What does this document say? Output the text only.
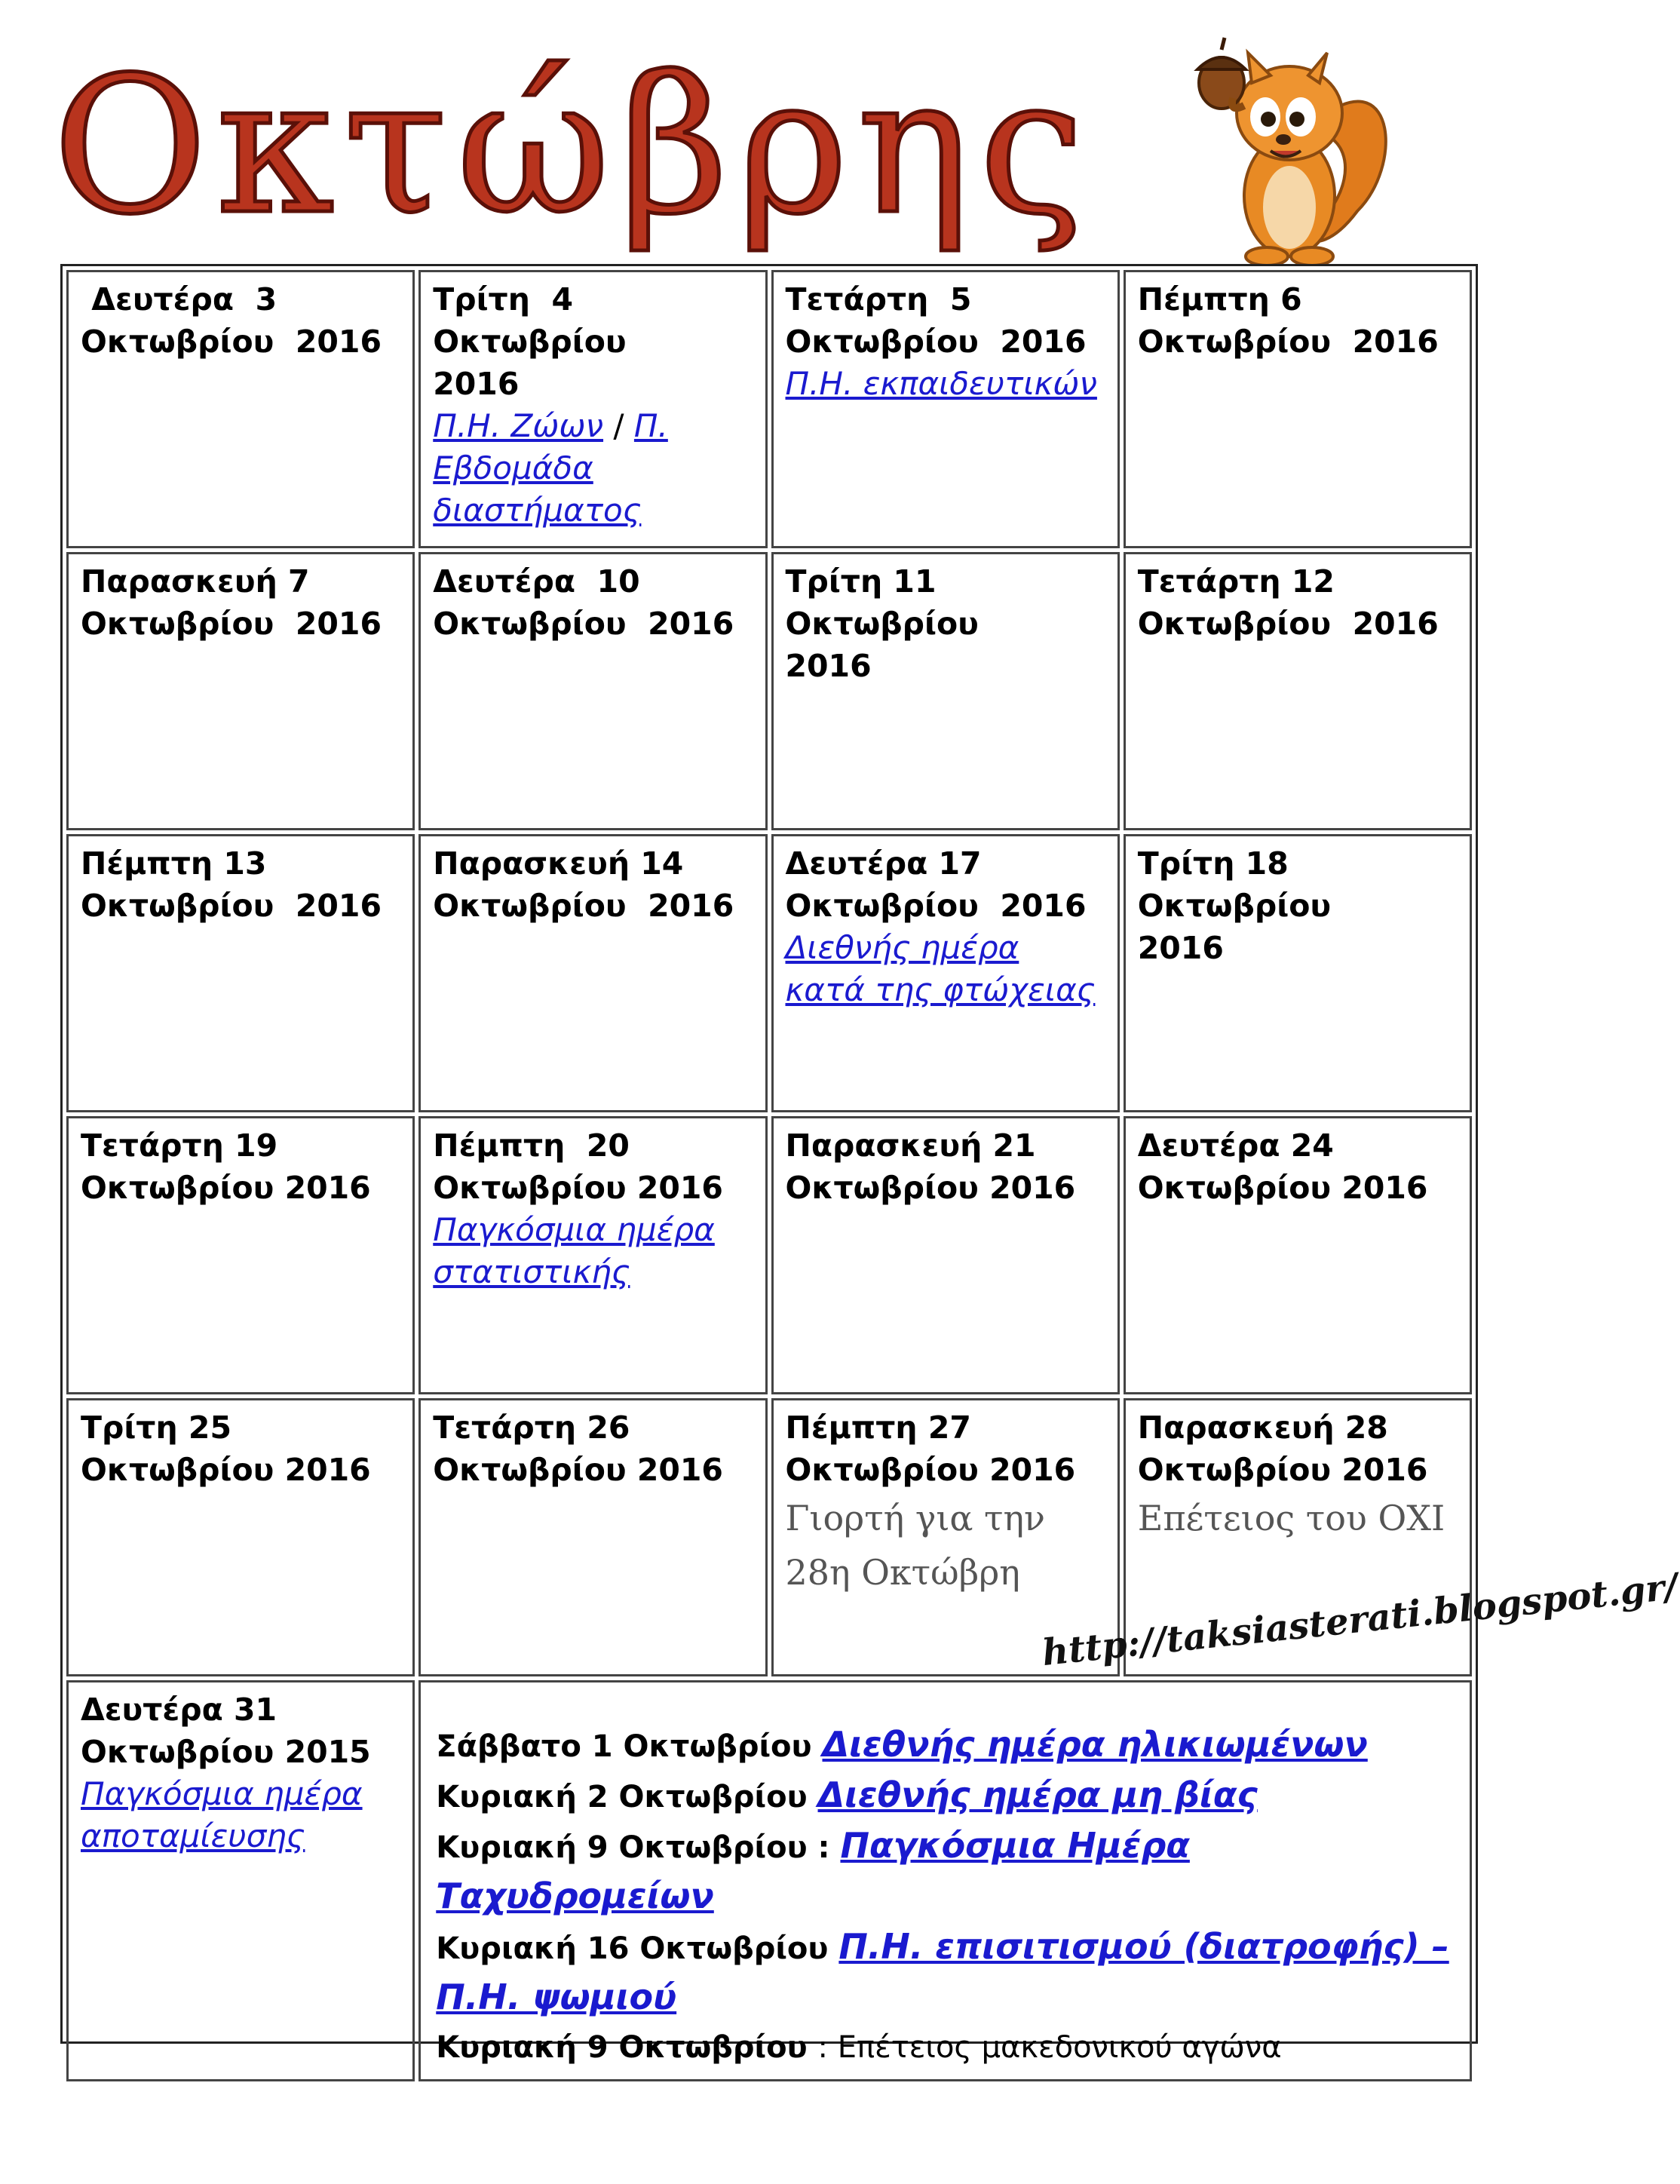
Οκτώβρης
Δευτέρα  3
Οκτωβρίου  2016
Τρίτη  4 Οκτωβρίου
2016
Π.Η. Ζώων / Π. Εβδομάδα διαστήματος
Τετάρτη  5
Οκτωβρίου  2016
Π.Η. εκπαιδευτικών
Πέμπτη 6
Οκτωβρίου  2016
Παρασκευή 7
Οκτωβρίου  2016
Δευτέρα  10
Οκτωβρίου  2016
Τρίτη 11 Οκτωβρίου
2016
Τετάρτη 12
Οκτωβρίου  2016
Πέμπτη 13
Οκτωβρίου  2016
Παρασκευή 14
Οκτωβρίου  2016
Δευτέρα 17
Οκτωβρίου  2016
Διεθνής ημέρα κατά της φτώχειας
Τρίτη 18 Οκτωβρίου
2016
Τετάρτη 19
Οκτωβρίου 2016
Πέμπτη  20
Οκτωβρίου 2016
Παγκόσμια ημέρα στατιστικής
Παρασκευή 21
Οκτωβρίου 2016
Δευτέρα 24
Οκτωβρίου 2016
Τρίτη 25
Οκτωβρίου 2016
Τετάρτη 26
Οκτωβρίου 2016
Πέμπτη 27
Οκτωβρίου 2016
Γιορτή για την 28η Οκτώβρη
Παρασκευή 28
Οκτωβρίου 2016
Επέτειος του ΟΧΙ
Δευτέρα 31
Οκτωβρίου 2015
Παγκόσμια ημέρα αποταμίευσης
Σάββατο 1 Οκτωβρίου Διεθνής ημέρα ηλικιωμένων
Κυριακή 2 Οκτωβρίου Διεθνής ημέρα μη βίας
Κυριακή 9 Οκτωβρίου : Παγκόσμια Ημέρα Ταχυδρομείων
Κυριακή 16 Οκτωβρίου Π.Η. επισιτισμού (διατροφής) –Π.Η. ψωμιού
Κυριακή 9 Οκτωβρίου : Επέτειος μακεδονικού αγώνα
http://taksiasterati.blogspot.gr/
